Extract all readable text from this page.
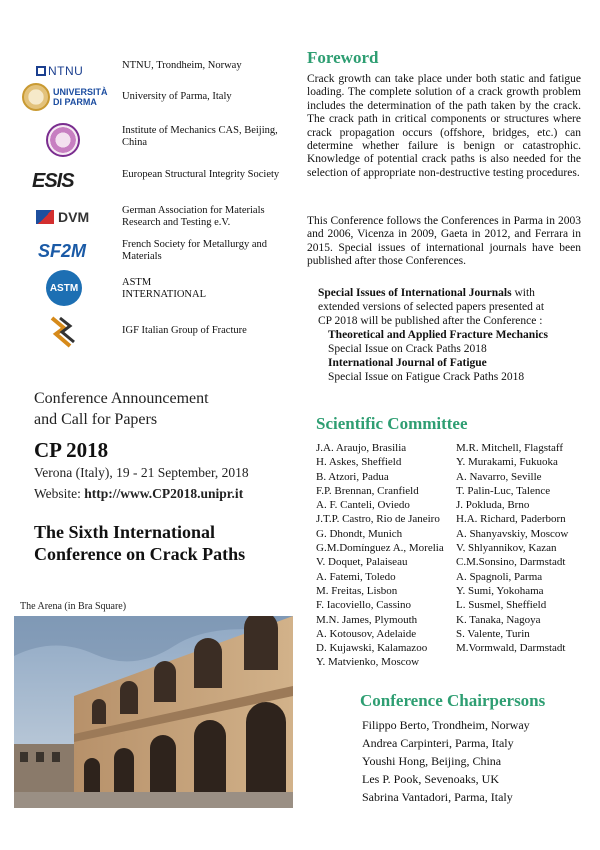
NTNU	NTNU, Trondheim, Norway
UNIVERSITÀ DI PARMA	University of Parma, Italy
Institute of Mechanics CAS, Beijing, China
ESIS	European Structural Integrity Society
DVM	German Association for Materials Research and Testing e.V.
SF2M	French Society for Metallurgy and Materials
ASTM	ASTM INTERNATIONAL
IGF Italian Group of Fracture
Conference Announcement
and Call for Papers
CP 2018
Verona (Italy), 19 - 21 September, 2018
Website: http://www.CP2018.unipr.it
The Sixth International
Conference on Crack Paths
The Arena (in Bra Square)
Foreword
Crack growth can take place under both static and fatigue loading. The complete solution of a crack growth problem includes the determination of the path taken by the crack. The crack path in critical components or structures where crack propagation occurs (offshore, bridges, etc.) can determine whether failure is benign or catastrophic. Knowledge of potential crack paths is also needed for the selection of appropriate non-destructive testing procedures.
This Conference follows the Conferences in Parma in 2003 and 2006, Vicenza in 2009, Gaeta in 2012, and Ferrara in 2015. Special issues of international journals have been published after those Conferences.
Special Issues of International Journals with
extended versions of selected papers presented at
CP 2018 will be published after the Conference :
Theoretical and Applied Fracture Mechanics
Special Issue on Crack Paths 2018
International Journal of Fatigue
Special Issue on Fatigue Crack Paths 2018
Scientific Committee
J.A. Araujo, Brasilia
H. Askes, Sheffield
B. Atzori, Padua
F.P. Brennan, Cranfield
A. F. Canteli, Oviedo
J.T.P. Castro, Rio de Janeiro
G. Dhondt, Munich
G.M.Domínguez A., Morelia
V. Doquet, Palaiseau
A. Fatemi, Toledo
M. Freitas, Lisbon
F. Iacoviello, Cassino
M.N. James, Plymouth
A. Kotousov, Adelaide
D. Kujawski, Kalamazoo
Y. Matvienko, Moscow
M.R. Mitchell, Flagstaff
Y. Murakami, Fukuoka
A. Navarro, Seville
T. Palin-Luc, Talence
J. Pokluda, Brno
H.A. Richard, Paderborn
A. Shanyavskiy, Moscow
V. Shlyannikov, Kazan
C.M.Sonsino, Darmstadt
A. Spagnoli, Parma
Y. Sumi, Yokohama
L. Susmel, Sheffield
K. Tanaka, Nagoya
S. Valente, Turin
M.Vormwald, Darmstadt
Conference Chairpersons
Filippo Berto, Trondheim, Norway
Andrea Carpinteri, Parma, Italy
Youshi Hong, Beijing, China
Les P. Pook, Sevenoaks, UK
Sabrina Vantadori, Parma, Italy
